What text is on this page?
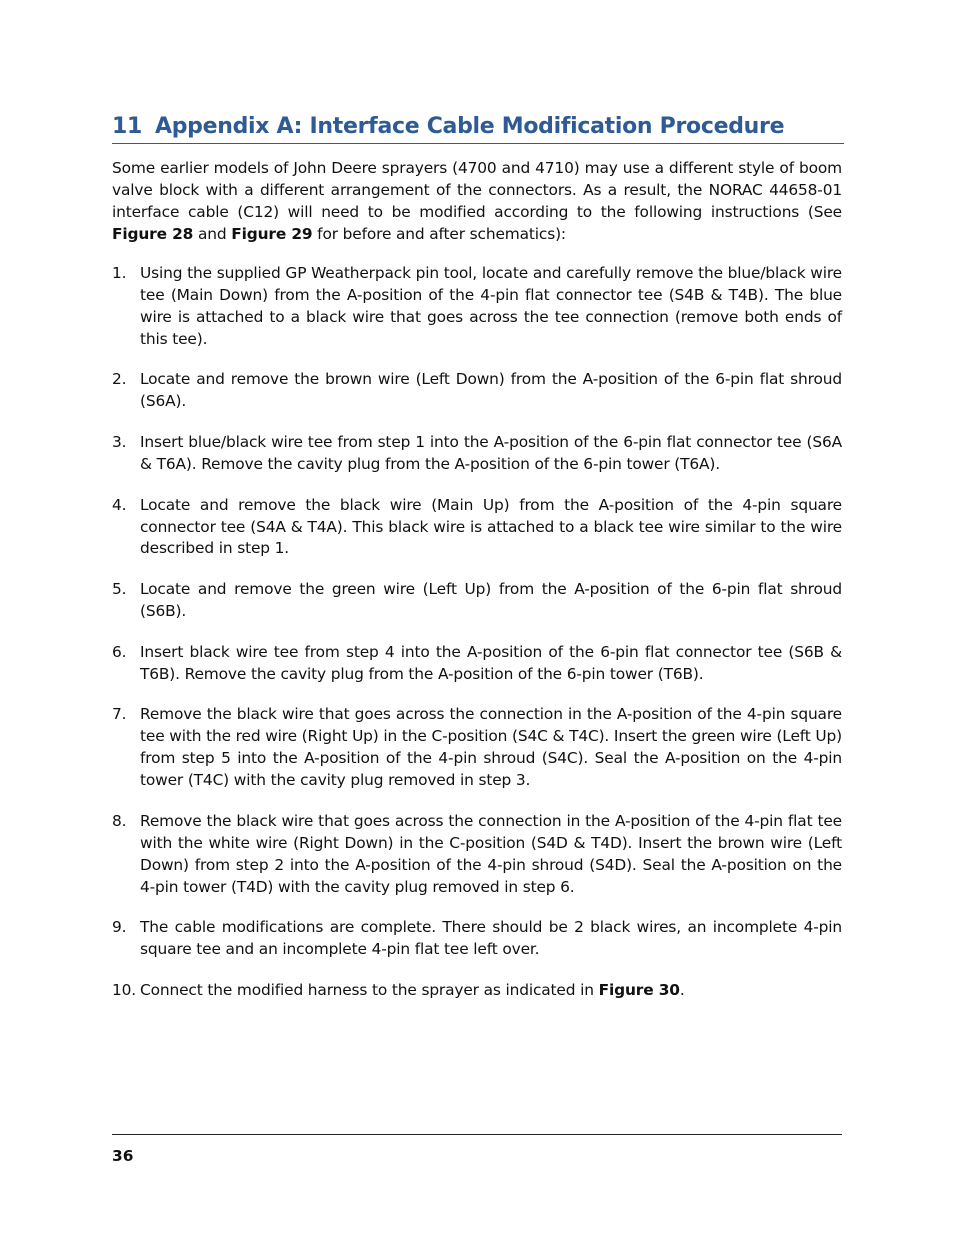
11 Appendix A: Interface Cable Modification Procedure

Some earlier models of John Deere sprayers (4700 and 4710) may use a different style of boom valve block with a different arrangement of the connectors. As a result, the NORAC 44658-01 interface cable (C12) will need to be modified according to the following instructions (See Figure 28 and Figure 29 for before and after schematics):

1. Using the supplied GP Weatherpack pin tool, locate and carefully remove the blue/black wire tee (Main Down) from the A-position of the 4-pin flat connector tee (S4B & T4B). The blue wire is attached to a black wire that goes across the tee connection (remove both ends of this tee).
2. Locate and remove the brown wire (Left Down) from the A-position of the 6-pin flat shroud (S6A).
3. Insert blue/black wire tee from step 1 into the A-position of the 6-pin flat connector tee (S6A & T6A). Remove the cavity plug from the A-position of the 6-pin tower (T6A).
4. Locate and remove the black wire (Main Up) from the A-position of the 4-pin square connector tee (S4A & T4A). This black wire is attached to a black tee wire similar to the wire described in step 1.
5. Locate and remove the green wire (Left Up) from the A-position of the 6-pin flat shroud (S6B).
6. Insert black wire tee from step 4 into the A-position of the 6-pin flat connector tee (S6B & T6B). Remove the cavity plug from the A-position of the 6-pin tower (T6B).
7. Remove the black wire that goes across the connection in the A-position of the 4-pin square tee with the red wire (Right Up) in the C-position (S4C & T4C). Insert the green wire (Left Up) from step 5 into the A-position of the 4-pin shroud (S4C). Seal the A-position on the 4-pin tower (T4C) with the cavity plug removed in step 3.
8. Remove the black wire that goes across the connection in the A-position of the 4-pin flat tee with the white wire (Right Down) in the C-position (S4D & T4D). Insert the brown wire (Left Down) from step 2 into the A-position of the 4-pin shroud (S4D). Seal the A-position on the 4-pin tower (T4D) with the cavity plug removed in step 6.
9. The cable modifications are complete. There should be 2 black wires, an incomplete 4-pin square tee and an incomplete 4-pin flat tee left over.
10. Connect the modified harness to the sprayer as indicated in Figure 30.
36
